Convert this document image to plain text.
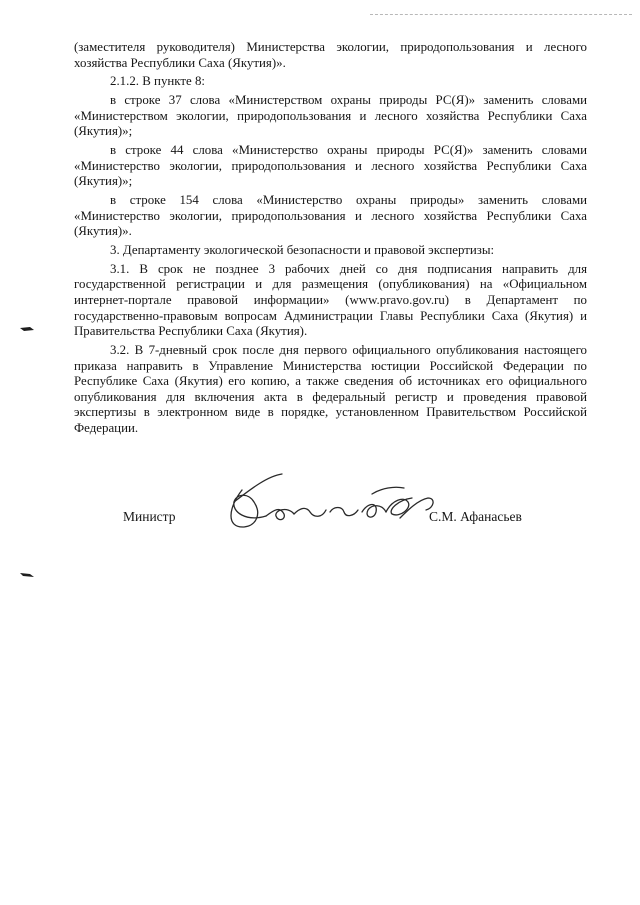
(заместителя руководителя) Министерства экологии, природопользования и лесного хозяйства Республики Саха (Якутия)».

2.1.2. В пункте 8:

в строке 37 слова «Министерством охраны природы РС(Я)» заменить словами «Министерством экологии, природопользования и лесного хозяйства Республики Саха (Якутия)»;

в строке 44 слова «Министерство охраны природы РС(Я)» заменить словами «Министерство экологии, природопользования и лесного хозяйства Республики Саха (Якутия)»;

в строке 154 слова «Министерство охраны природы» заменить словами «Министерство экологии, природопользования и лесного хозяйства Республики Саха (Якутия)».

3. Департаменту экологической безопасности и правовой экспертизы:

3.1. В срок не позднее 3 рабочих дней со дня подписания направить для государственной регистрации и для размещения (опубликования) на «Официальном интернет-портале правовой информации» (www.pravo.gov.ru) в Департамент по государственно-правовым вопросам Администрации Главы Республики Саха (Якутия) и Правительства Республики Саха (Якутия).

3.2. В 7-дневный срок после дня первого официального опубликования настоящего приказа направить в Управление Министерства юстиции Российской Федерации по Республике Саха (Якутия) его копию, а также сведения об источниках его официального опубликования для включения акта в федеральный регистр и проведения правовой экспертизы в электронном виде в порядке, установленном Правительством Российской Федерации.

Министр	С.М. Афанасьев
